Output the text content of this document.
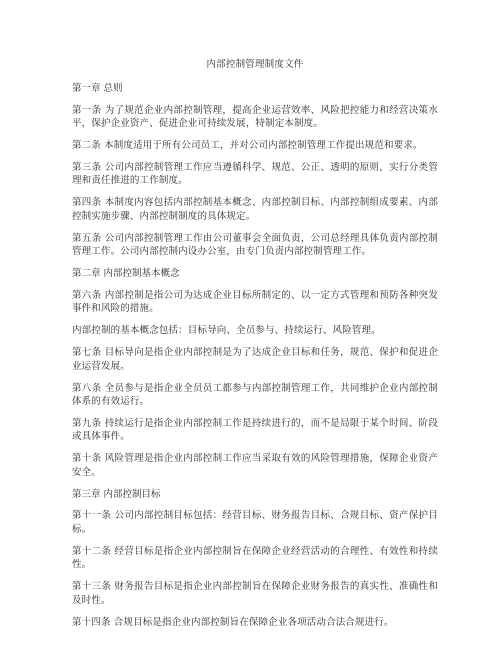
内部控制管理制度文件
第一章 总则
第一条 为了规范企业内部控制管理，提高企业运营效率、风险把控能力和经营决策水平，保护企业资产、促进企业可持续发展，特制定本制度。
第二条 本制度适用于所有公司员工，并对公司内部控制管理工作提出规范和要求。
第三条 公司内部控制管理工作应当遵循科学、规范、公正、透明的原则，实行分类管理和责任推进的工作制度。
第四条 本制度内容包括内部控制基本概念、内部控制目标、内部控制组成要素、内部控制实施步骤、内部控制制度的具体规定。
第五条 公司内部控制管理工作由公司董事会全面负责，公司总经理具体负责内部控制管理工作。公司内部控制内设办公室，由专门负责内部控制管理工作。
第二章 内部控制基本概念
第六条 内部控制是指公司为达成企业目标所制定的、以一定方式管理和预防各种突发事件和风险的措施。
内部控制的基本概念包括：目标导向、全员参与、持续运行、风险管理。
第七条 目标导向是指企业内部控制是为了达成企业目标和任务，规范、保护和促进企业运营发展。
第八条 全员参与是指企业全员员工都参与内部控制管理工作，共同维护企业内部控制体系的有效运行。
第九条 持续运行是指企业内部控制工作是持续进行的，而不是局限于某个时间、阶段或具体事件。
第十条 风险管理是指企业内部控制工作应当采取有效的风险管理措施，保障企业资产安全。
第三章 内部控制目标
第十一条 公司内部控制目标包括：经营目标、财务报告目标、合规目标、资产保护目标。
第十二条 经营目标是指企业内部控制旨在保障企业经营活动的合理性、有效性和持续性。
第十三条 财务报告目标是指企业内部控制旨在保障企业财务报告的真实性、准确性和及时性。
第十四条 合规目标是指企业内部控制旨在保障企业各项活动合法合规进行。
